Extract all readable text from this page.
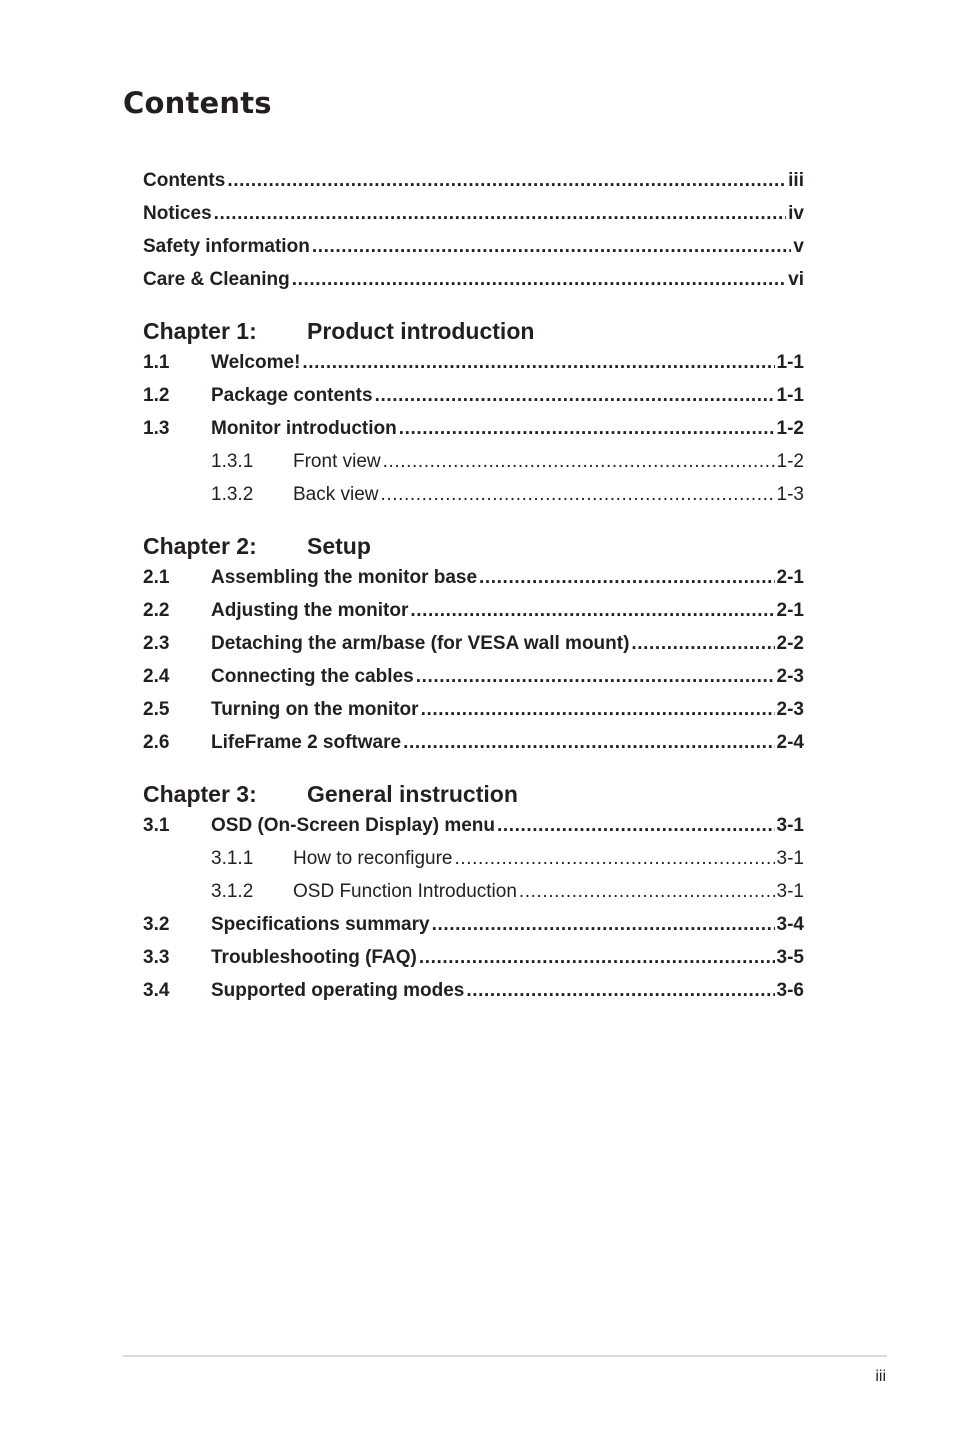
Contents
Contents .....	iii
Notices .....	iv
Safety information .....	v
Care & Cleaning .....	vi
Chapter 1:	Product introduction
1.1	Welcome! .....	1-1
1.2	Package contents .....	1-1
1.3	Monitor introduction .....	1-2
1.3.1	Front view .....	1-2
1.3.2	Back view .....	1-3
Chapter 2:	Setup
2.1	Assembling the monitor base .....	2-1
2.2	Adjusting the monitor .....	2-1
2.3	Detaching the arm/base (for VESA wall mount) .....	2-2
2.4	Connecting the cables .....	2-3
2.5	Turning on the monitor .....	2-3
2.6	LifeFrame 2 software .....	2-4
Chapter 3:	General instruction
3.1	OSD (On-Screen Display) menu .....	3-1
3.1.1	How to reconfigure .....	3-1
3.1.2	OSD Function Introduction .....	3-1
3.2	Specifications summary .....	3-4
3.3	Troubleshooting (FAQ) .....	3-5
3.4	Supported operating modes .....	3-6
iii
